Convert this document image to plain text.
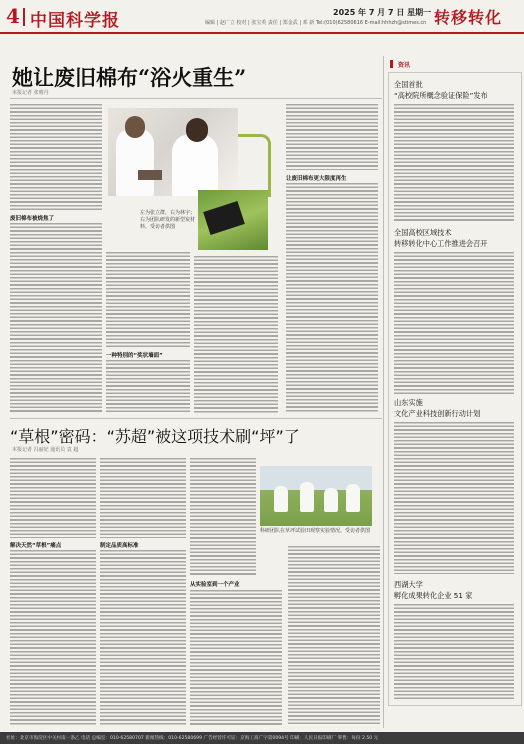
4 中国科学报	编辑 | 赵广立 校对 | 张宝英 责任 | 郑金武 | 邓 新 Tel:(010)62580616 E-mail:hhhzh@stimes.cn
2025 年 7 月 7 日 星期一 转移转化
她让废旧棉布“浴火重生”
本报记者 张晴丹
废旧棉布被烧焦了
一种特别的“奖状墙面”
让废旧棉布更大限度再生
左为张立群，右为林宇；右为团队研发的新型炭材料。受访者供图
“草根”密码：“苏超”被这项技术刷“坪”了
本报记者 冯丽妃 通讯员 袁 超
解决天然“草根”痛点	制定品质高标准
从实验室到一个产业
科研团队在草坪试验田观察实验情况。受访者供图
资讯
全国首批
“高校院所概念验证保险”发布
全国高校区域技术
转移转化中心工作推进会召开
山东实施
文化产业科技创新行动计划
西湖大学
孵化成果转化企业 51 家
社址：北京市海淀区中关村南一条乙 电话 总编室：010-62580707 新闻热线：010-62580699 广告经营许可证：京海工商广字第0094号 印刷：人民日报印刷厂 零售：每份 2.50 元
